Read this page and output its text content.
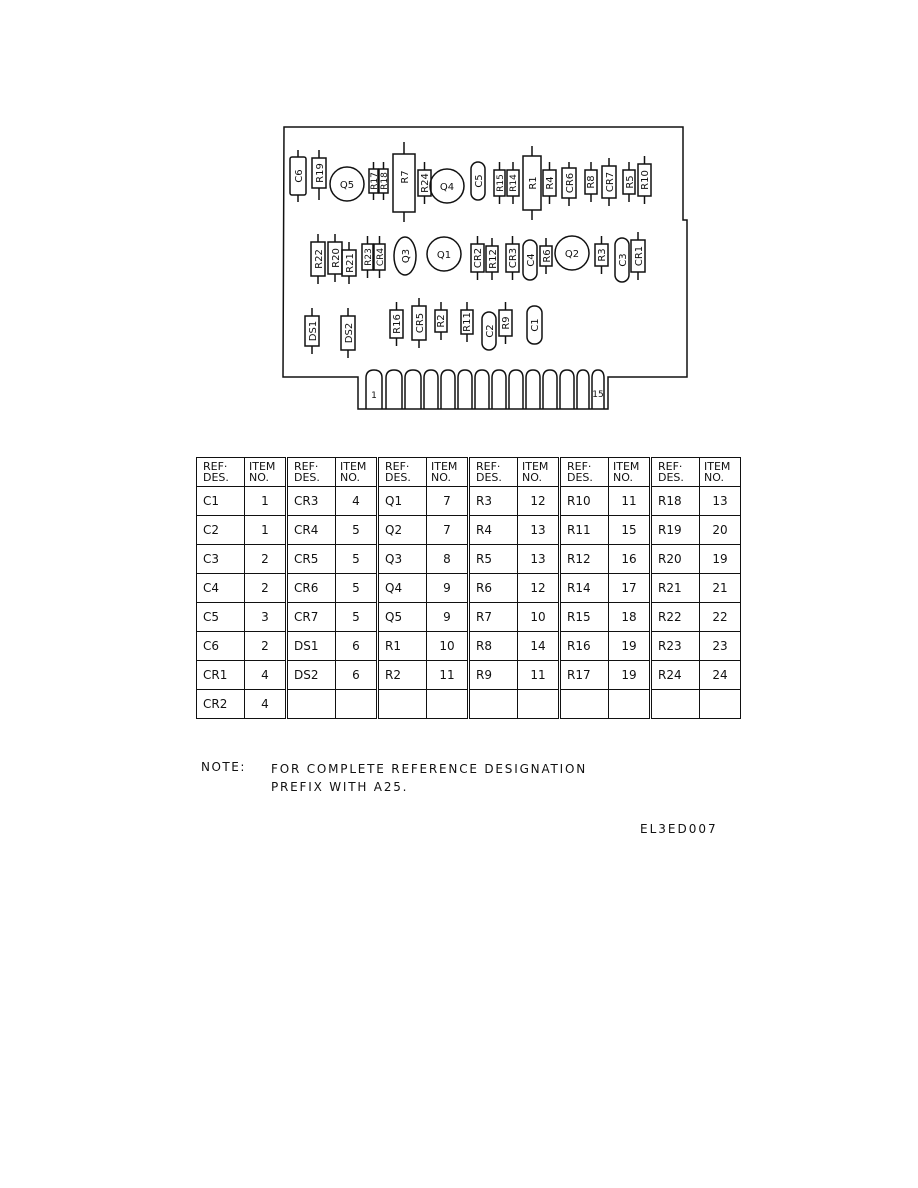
C6 R19
Q5 R17 R18 R7 R24 Q4 C5 R15 R14 R1 R4 CR6 R8 CR7 R5 R10
R22 R20 R21 R23 CR4 Q3 Q1 CR2 R12 CR3 C4 R6 Q2 R3 C3 CR1
DS1	DS2	R16 CR5 R2 R11 C2
R9 C1
1	15
REF· DES.	ITEM NO.	REF· DES.	ITEM NO.	REF· DES.	ITEM NO.	REF· DES.	ITEM NO.	REF· DES.	ITEM NO.	REF· DES.	ITEM NO.
C1	1	CR3	4	Q1	7	R3	12	R10	11	R18	13
C2	1	CR4	5	Q2	7	R4	13	R11	15	R19	20
C3	2	CR5	5	Q3	8	R5	13	R12	16	R20	19
C4	2	CR6	5	Q4	9	R6	12	R14	17	R21	21
C5	3	CR7	5	Q5	9	R7	10	R15	18	R22	22
C6	2	DS1	6	R1	10	R8	14	R16	19	R23	23
CR1	4	DS2	6	R2	11	R9	11	R17	19	R24	24
CR2	4										
NOTE: FOR COMPLETE REFERENCE DESIGNATION
PREFIX WITH A25.
EL3ED007
